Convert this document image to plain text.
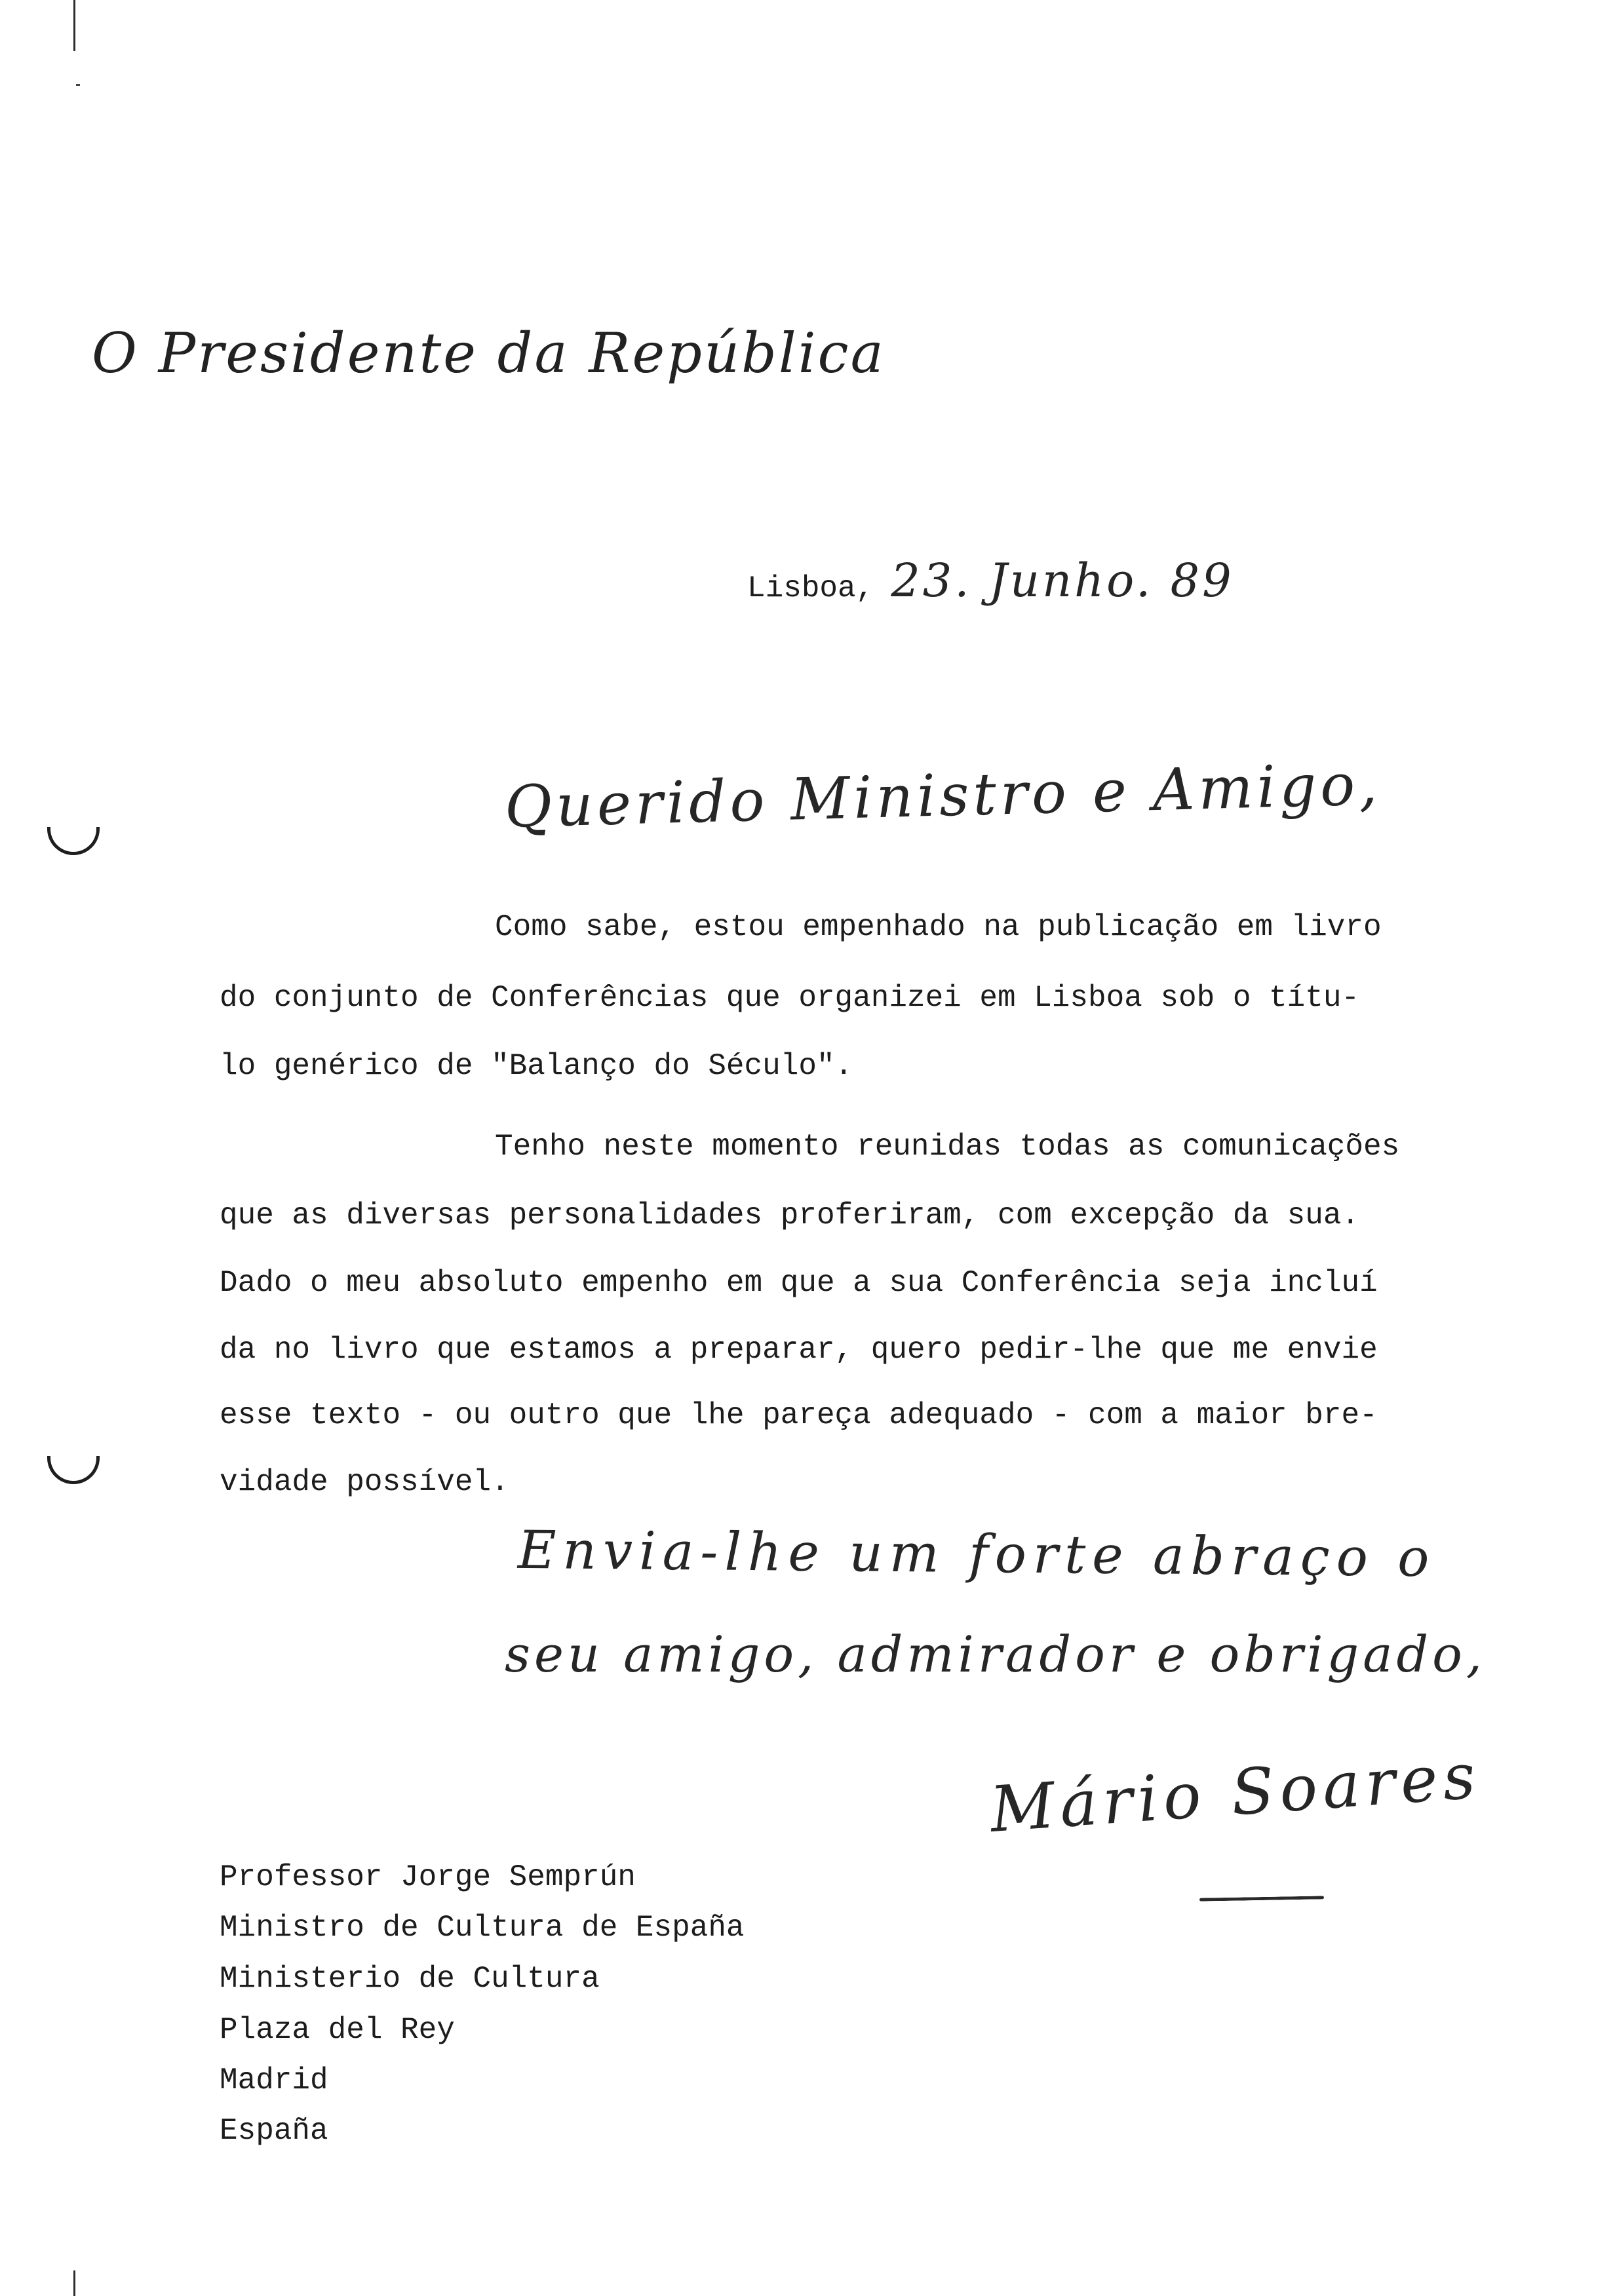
O Presidente da República
Lisboa, 23. Junho. 89
Querido Ministro e Amigo,
Como sabe, estou empenhado na publicação em livro
do conjunto de Conferências que organizei em Lisboa sob o títu-
lo genérico de "Balanço do Século".
Tenho neste momento reunidas todas as comunicações
que as diversas personalidades proferiram, com excepção da sua.
Dado o meu absoluto empenho em que a sua Conferência seja incluí
da no livro que estamos a preparar, quero pedir-lhe que me envie
esse texto - ou outro que lhe pareça adequado - com a maior bre-
vidade possível.
Envia-lhe um forte abraço o
seu amigo, admirador e obrigado,
Mário Soares
Professor Jorge Semprún
Ministro de Cultura de España
Ministerio de Cultura
Plaza del Rey
Madrid
España
